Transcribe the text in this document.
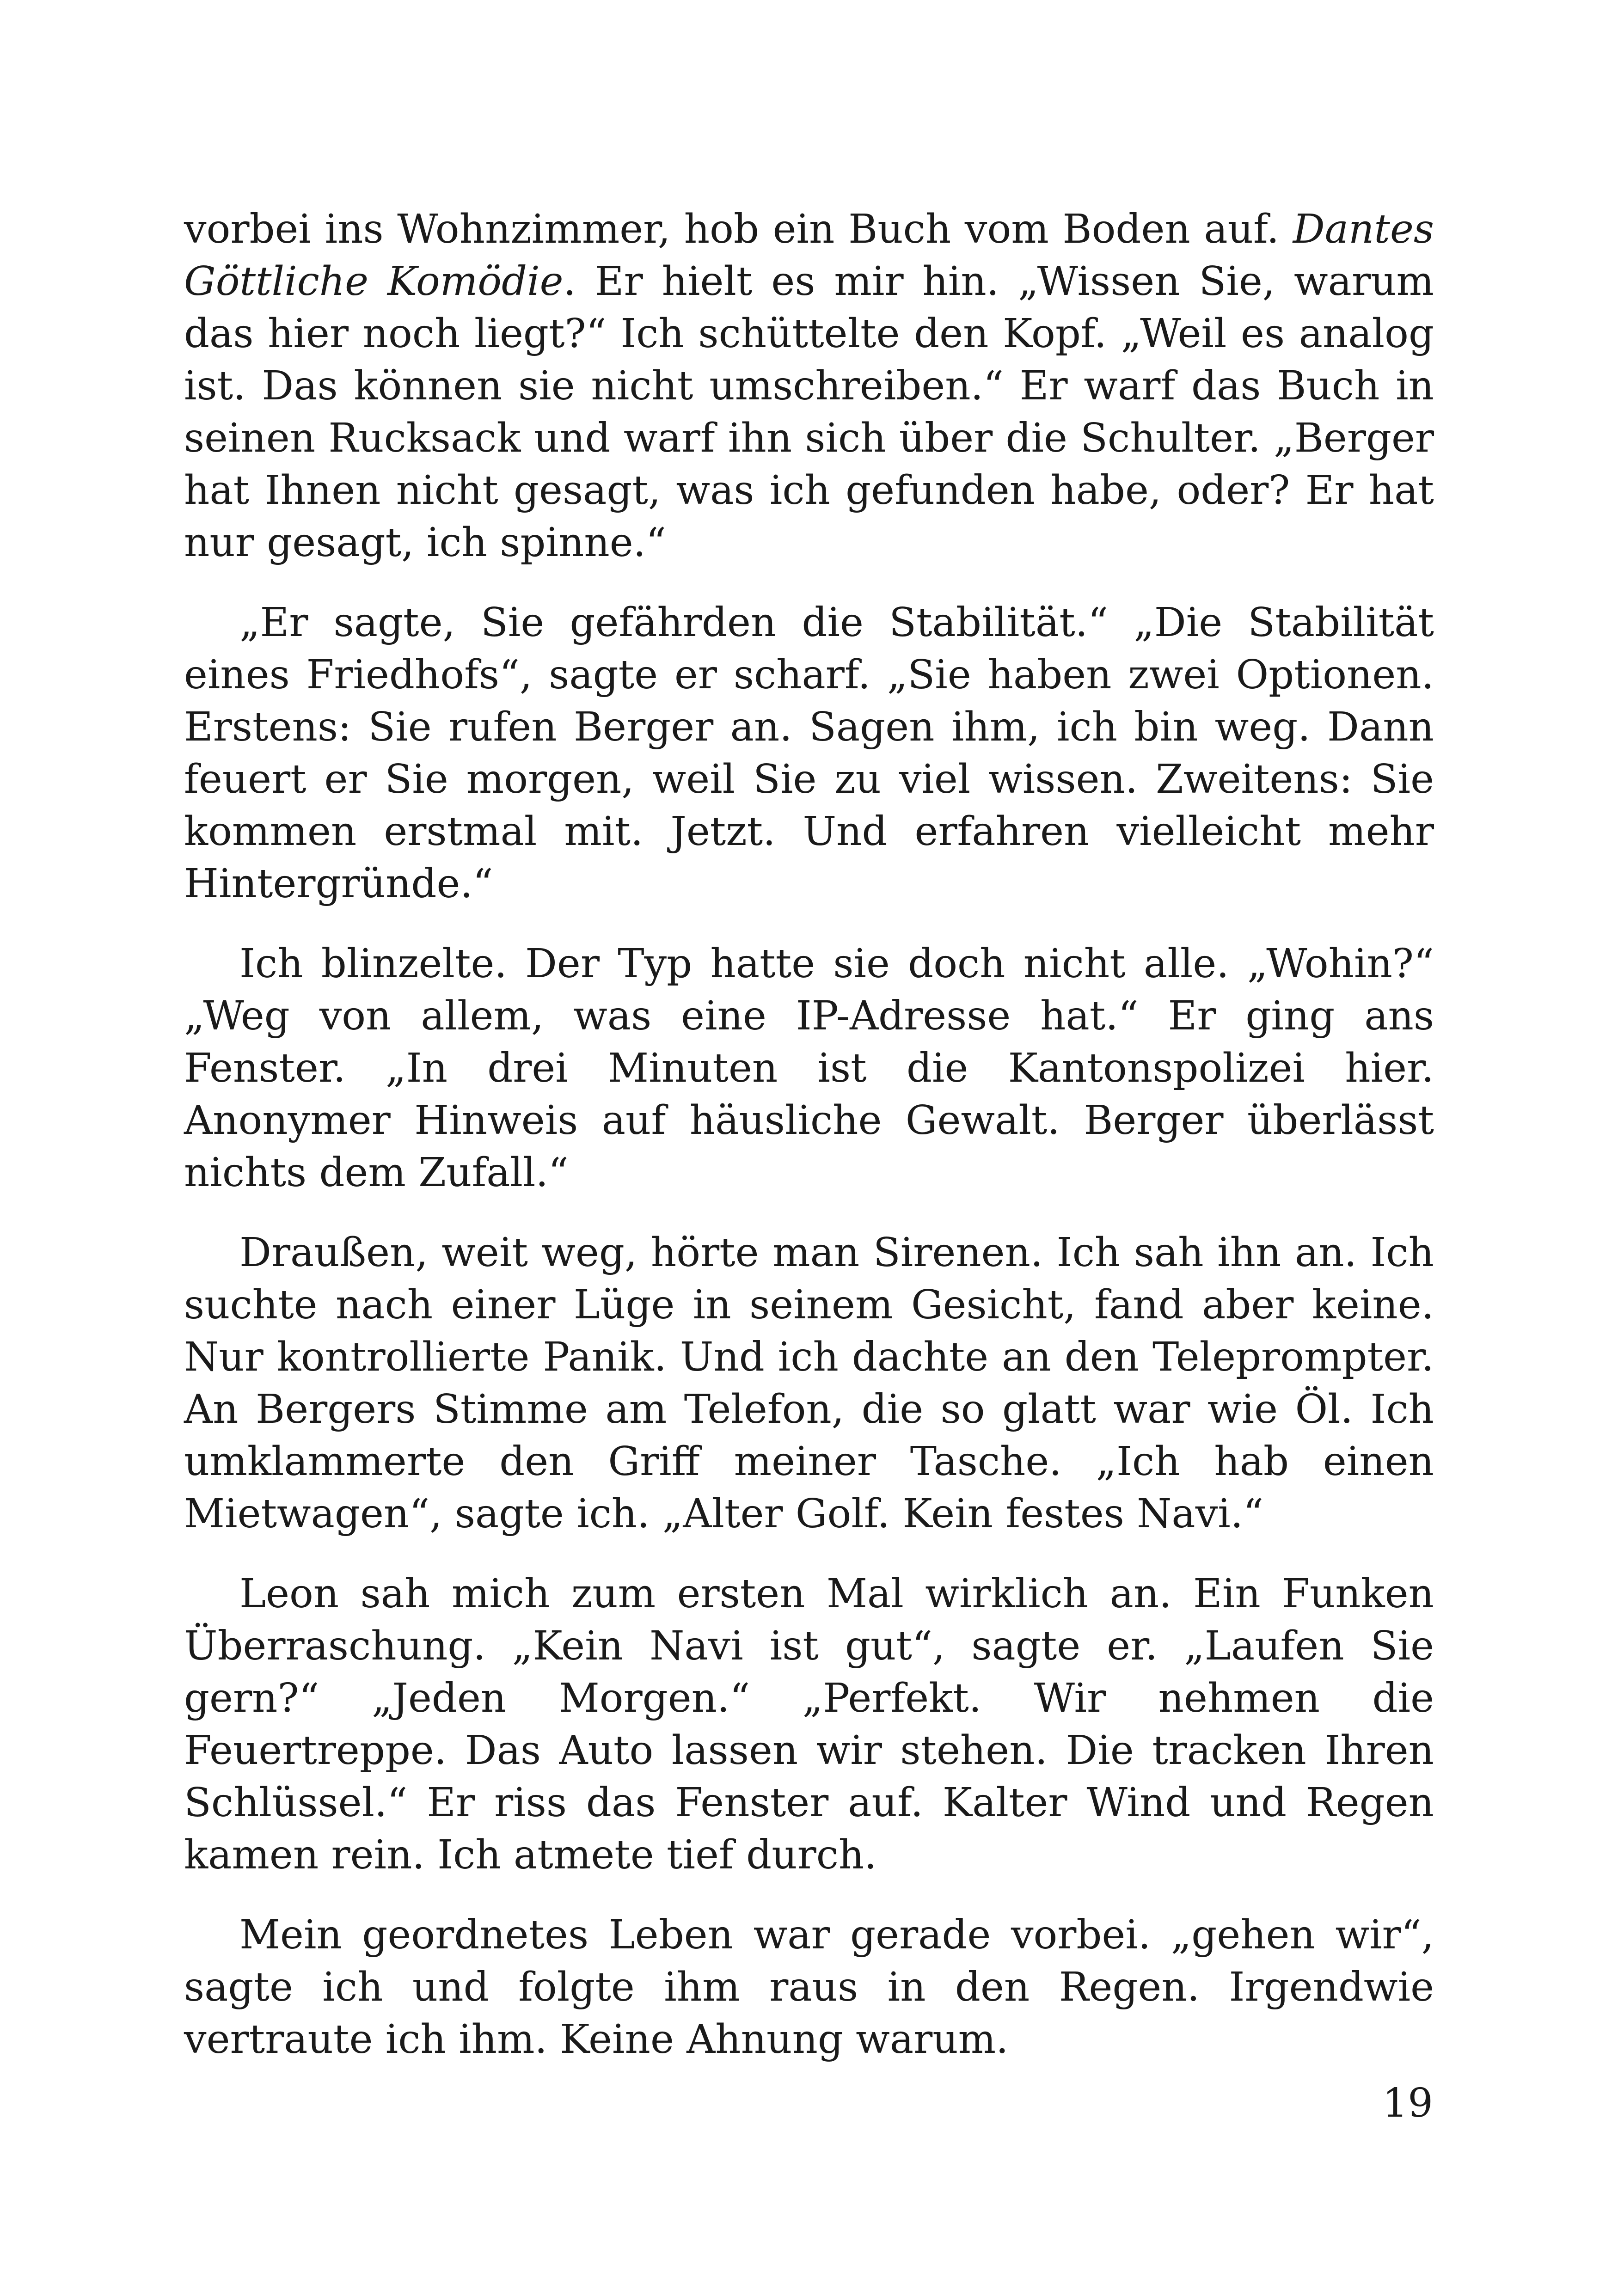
vorbei ins Wohnzimmer, hob ein Buch vom Boden auf. Dantes Göttliche Komödie. Er hielt es mir hin. „Wissen Sie, warum das hier noch liegt?“ Ich schüttelte den Kopf. „Weil es analog ist. Das können sie nicht umschreiben.“ Er warf das Buch in seinen Rucksack und warf ihn sich über die Schulter. „Berger hat Ihnen nicht gesagt, was ich gefunden habe, oder? Er hat nur gesagt, ich spinne.“

„Er sagte, Sie gefährden die Stabilität.“ „Die Stabilität eines Friedhofs“, sagte er scharf. „Sie haben zwei Optionen. Erstens: Sie rufen Berger an. Sagen ihm, ich bin weg. Dann feuert er Sie morgen, weil Sie zu viel wissen. Zweitens: Sie kommen erstmal mit. Jetzt. Und erfahren vielleicht mehr Hintergründe.“

Ich blinzelte. Der Typ hatte sie doch nicht alle. „Wohin?“ „Weg von allem, was eine IP-Adresse hat.“ Er ging ans Fenster. „In drei Minuten ist die Kantonspolizei hier. Anonymer Hinweis auf häusliche Gewalt. Berger überlässt nichts dem Zufall.“

Draußen, weit weg, hörte man Sirenen. Ich sah ihn an. Ich suchte nach einer Lüge in seinem Gesicht, fand aber keine. Nur kontrollierte Panik. Und ich dachte an den Teleprompter. An Bergers Stimme am Telefon, die so glatt war wie Öl. Ich umklammerte den Griff meiner Tasche. „Ich hab einen Mietwagen“, sagte ich. „Alter Golf. Kein festes Navi.“

Leon sah mich zum ersten Mal wirklich an. Ein Funken Überraschung. „Kein Navi ist gut“, sagte er. „Laufen Sie gern?“ „Jeden Morgen.“ „Perfekt. Wir nehmen die Feuertreppe. Das Auto lassen wir stehen. Die tracken Ihren Schlüssel.“ Er riss das Fenster auf. Kalter Wind und Regen kamen rein. Ich atmete tief durch.

Mein geordnetes Leben war gerade vorbei. „gehen wir“, sagte ich und folgte ihm raus in den Regen. Irgendwie vertraute ich ihm. Keine Ahnung warum.

19
